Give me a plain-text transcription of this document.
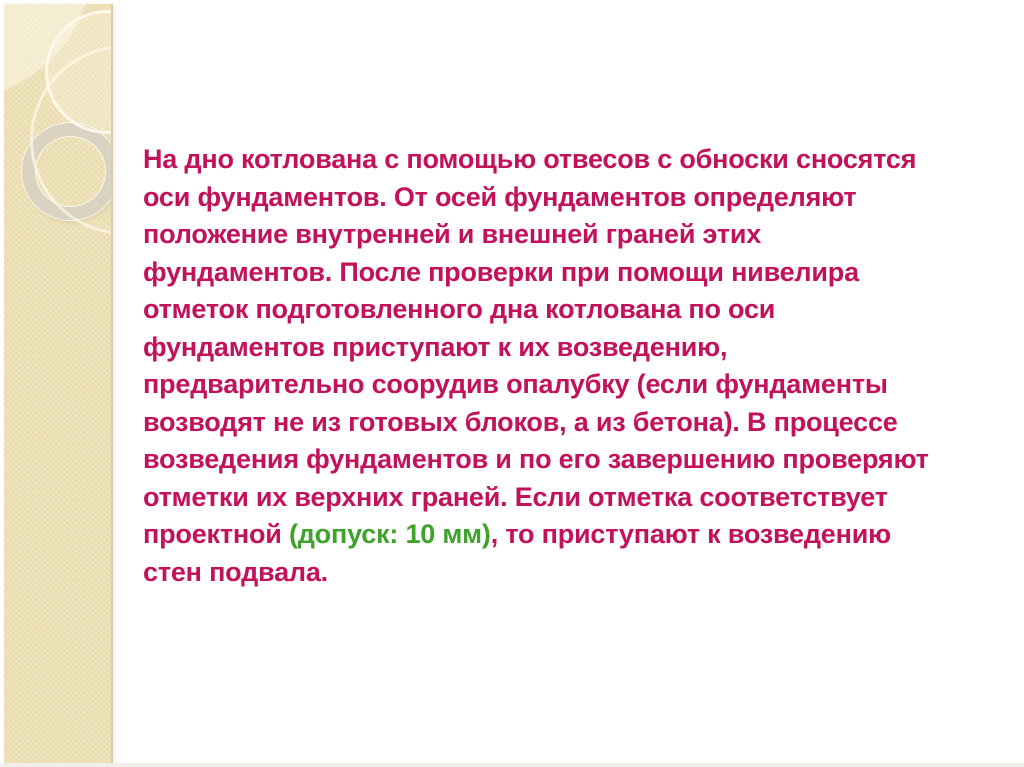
На дно котлована с помощью отвесов с обноски сносятся
оси фундаментов. От осей фундаментов определяют
положение внутренней и внешней граней этих
фундаментов. После проверки при помощи нивелира
отметок подготовленного дна котлована по оси
фундаментов приступают к их возведению,
предварительно соорудив опалубку (если фундаменты
возводят не из готовых блоков, а из бетона). В процессе
возведения фундаментов и по его завершению проверяют
отметки их верхних граней. Если отметка соответствует
проектной (допуск: 10 мм), то приступают к возведению
стен подвала.
